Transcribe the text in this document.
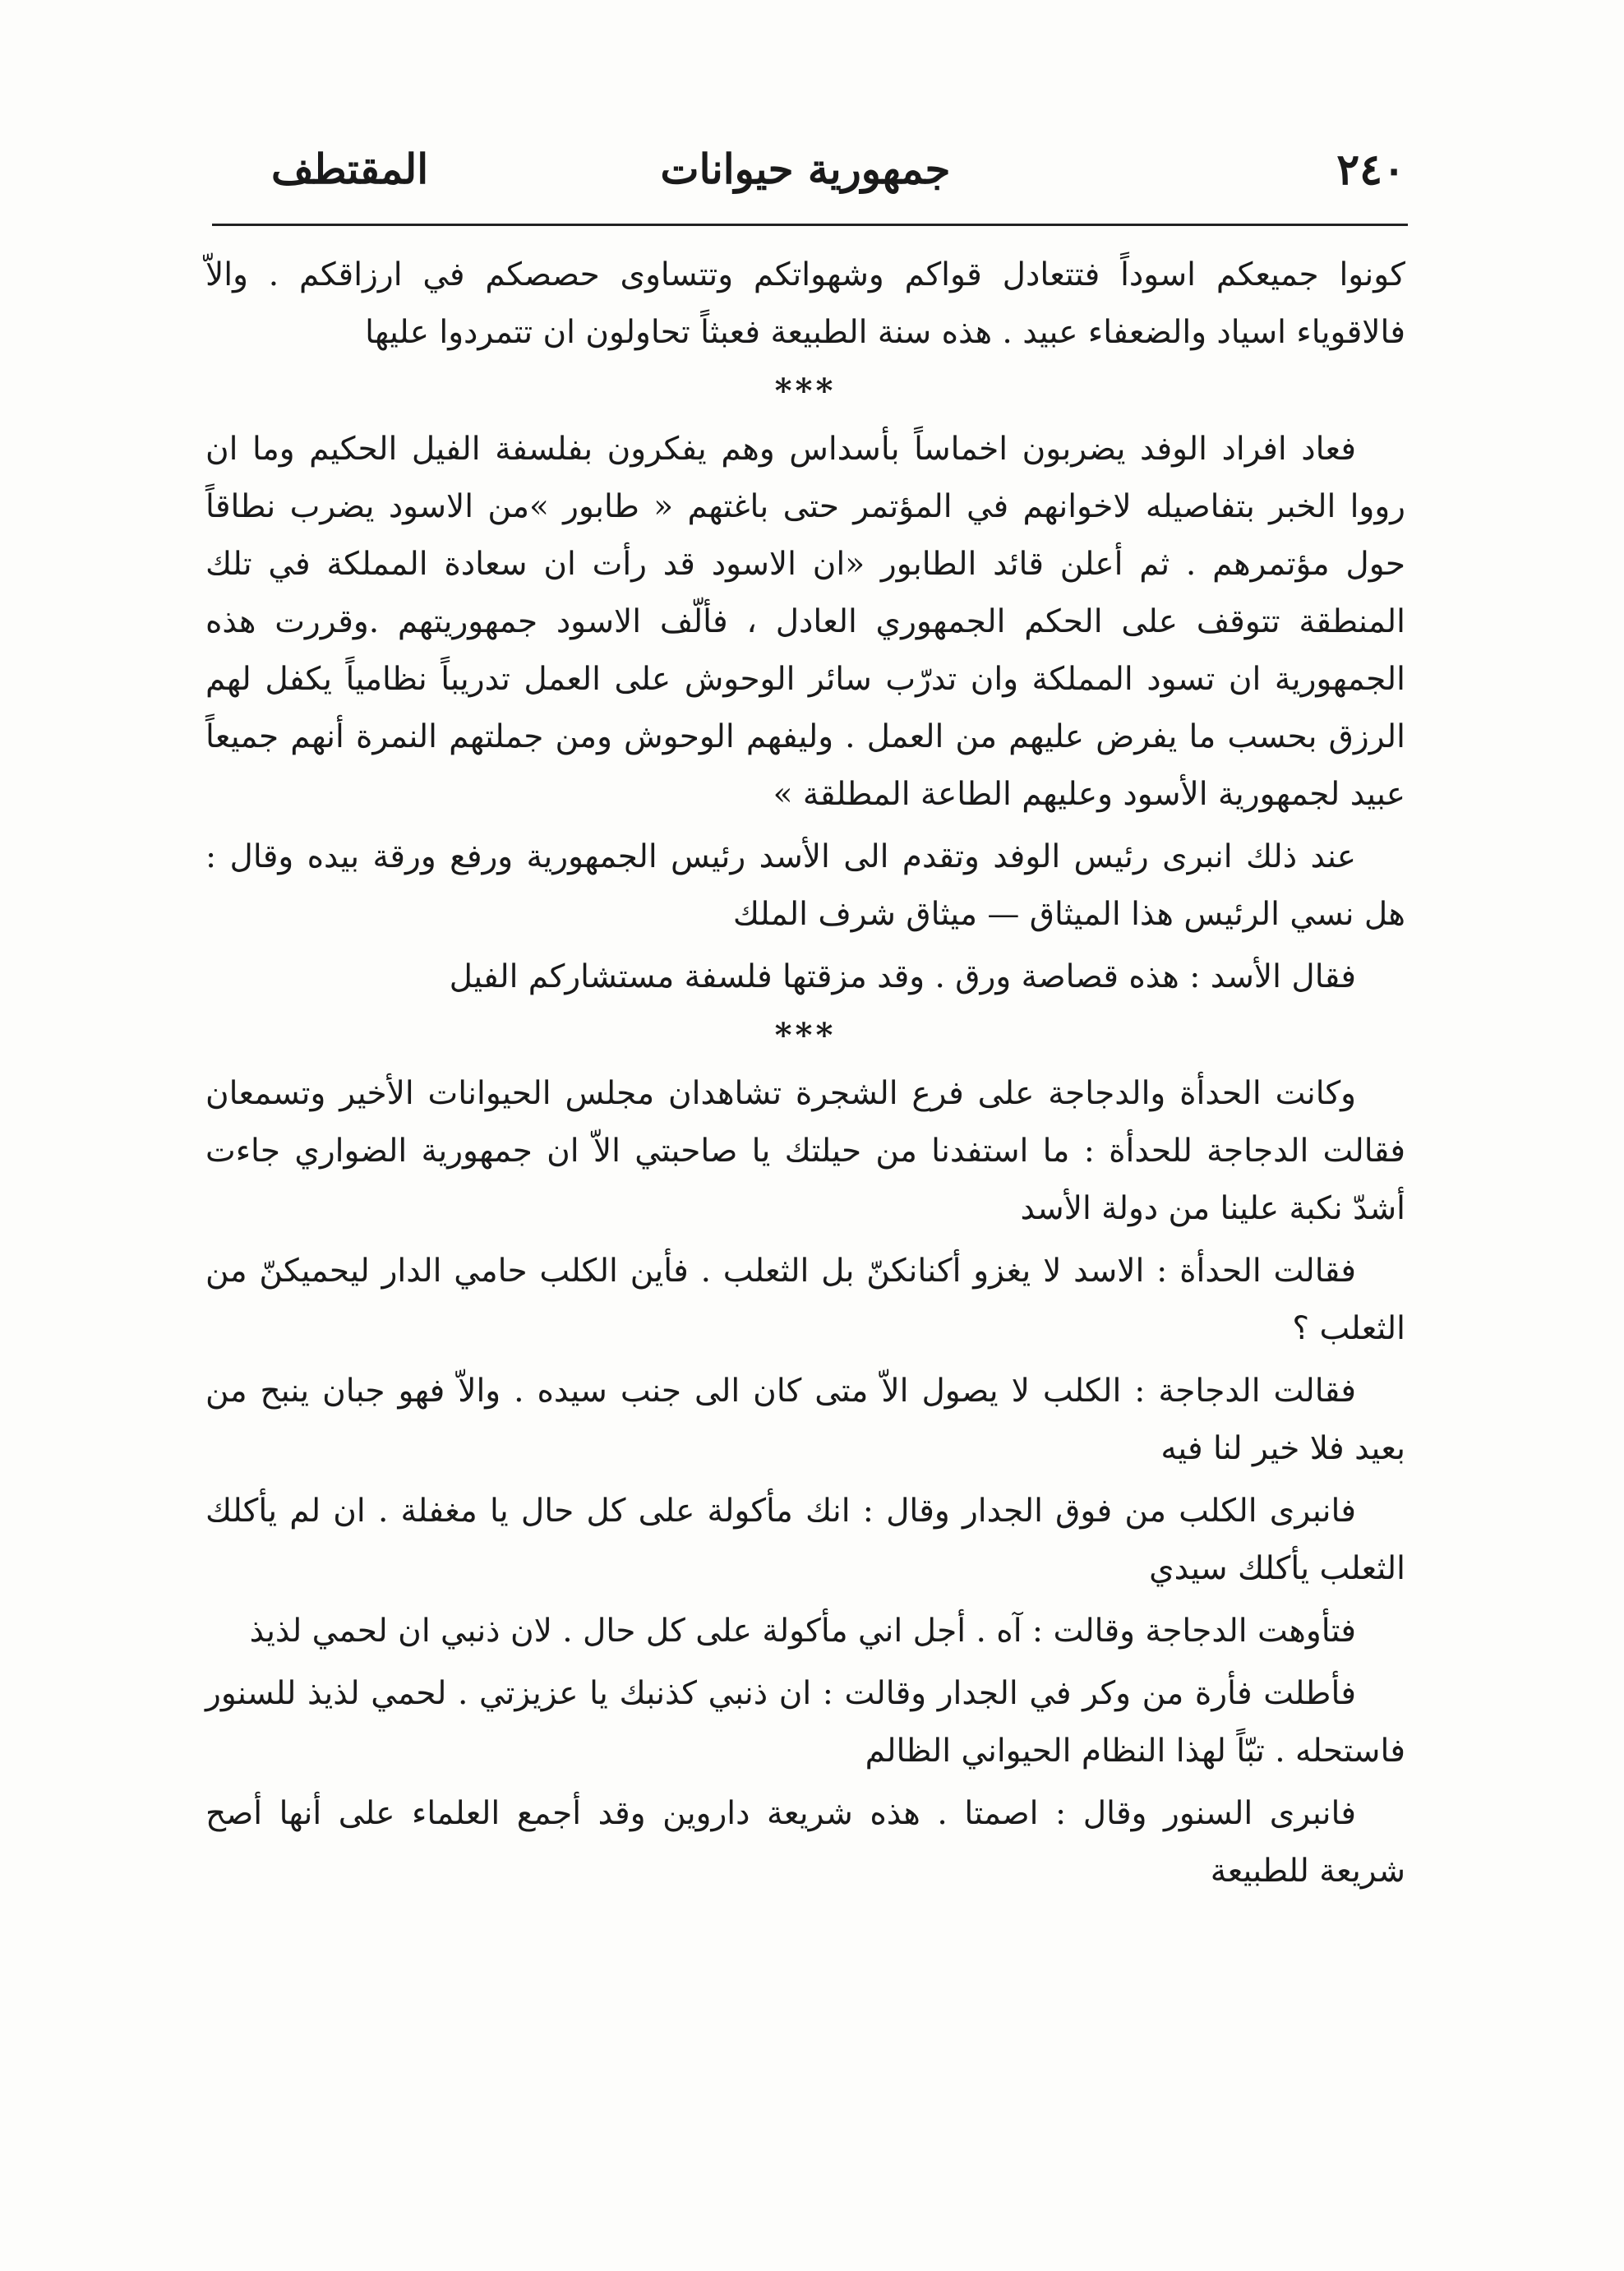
٢٤٠
جمهورية حيوانات
المقتطف

كونوا جميعكم اسوداً فتتعادل قواكم وشهواتكم وتتساوى حصصكم في ارزاقكم . والاّ فالاقوياء اسياد والضعفاء عبيد . هذه سنة الطبيعة فعبثاً تحاولون ان تتمردوا عليها

***

فعاد افراد الوفد يضربون اخماساً بأسداس وهم يفكرون بفلسفة الفيل الحكيم وما ان رووا الخبر بتفاصيله لاخوانهم في المؤتمر حتى باغتهم « طابور »من الاسود يضرب نطاقاً حول مؤتمرهم . ثم أعلن قائد الطابور «ان الاسود قد رأت ان سعادة المملكة في تلك المنطقة تتوقف على الحكم الجمهوري العادل ، فألّف الاسود جمهوريتهم .وقررت هذه الجمهورية ان تسود المملكة وان تدرّب سائر الوحوش على العمل تدريباً نظامياً يكفل لهم الرزق بحسب ما يفرض عليهم من العمل . وليفهم الوحوش ومن جملتهم النمرة أنهم جميعاً عبيد لجمهورية الأسود وعليهم الطاعة المطلقة »

عند ذلك انبرى رئيس الوفد وتقدم الى الأسد رئيس الجمهورية ورفع ورقة بيده وقال : هل نسي الرئيس هذا الميثاق — ميثاق شرف الملك

فقال الأسد : هذه قصاصة ورق . وقد مزقتها فلسفة مستشاركم الفيل

***

وكانت الحدأة والدجاجة على فرع الشجرة تشاهدان مجلس الحيوانات الأخير وتسمعان فقالت الدجاجة للحدأة : ما استفدنا من حيلتك يا صاحبتي الاّ ان جمهورية الضواري جاءت أشدّ نكبة علينا من دولة الأسد

فقالت الحدأة : الاسد لا يغزو أكنانكنّ بل الثعلب . فأين الكلب حامي الدار ليحميكنّ من الثعلب ؟

فقالت الدجاجة : الكلب لا يصول الاّ متى كان الى جنب سيده . والاّ فهو جبان ينبح من بعيد فلا خير لنا فيه

فانبرى الكلب من فوق الجدار وقال : انك مأكولة على كل حال يا مغفلة . ان لم يأكلك الثعلب يأكلك سيدي

فتأوهت الدجاجة وقالت : آه . أجل اني مأكولة على كل حال . لان ذنبي ان لحمي لذيذ

فأطلت فأرة من وكر في الجدار وقالت : ان ذنبي كذنبك يا عزيزتي . لحمي لذيذ للسنور فاستحله . تبّاً لهذا النظام الحيواني الظالم

فانبرى السنور وقال : اصمتا . هذه شريعة داروين وقد أجمع العلماء على أنها أصح شريعة للطبيعة
